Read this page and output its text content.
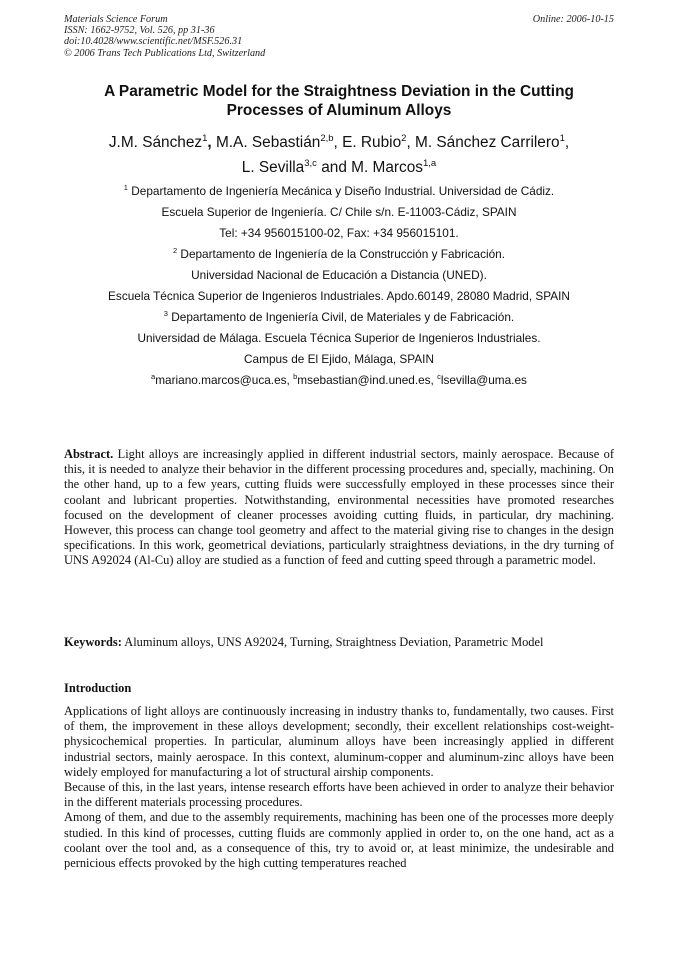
Materials Science Forum
ISSN: 1662-9752, Vol. 526, pp 31-36
doi:10.4028/www.scientific.net/MSF.526.31
© 2006 Trans Tech Publications Ltd, Switzerland
Online: 2006-10-15
A Parametric Model for the Straightness Deviation in the Cutting
Processes of Aluminum Alloys
J.M. Sánchez$^1$, M.A. Sebastián$^{2,b}$, E. Rubio$^2$, M. Sánchez Carrilero$^1$,
L. Sevilla$^{3,c}$ and M. Marcos$^{1,a}$
$^1$ Departamento de Ingeniería Mecánica y Diseño Industrial. Universidad de Cádiz.
Escuela Superior de Ingeniería. C/ Chile s/n. E-11003-Cádiz, SPAIN
Tel: +34 956015100-02, Fax: +34 956015101.
$^2$ Departamento de Ingeniería de la Construcción y Fabricación.
Universidad Nacional de Educación a Distancia (UNED).
Escuela Técnica Superior de Ingenieros Industriales. Apdo.60149, 28080 Madrid, SPAIN
$^3$ Departamento de Ingeniería Civil, de Materiales y de Fabricación.
Universidad de Málaga. Escuela Técnica Superior de Ingenieros Industriales.
Campus de El Ejido, Málaga, SPAIN
$^a$mariano.marcos@uca.es, $^b$msebastian@ind.uned.es, $^c$lsevilla@uma.es
Abstract. Light alloys are increasingly applied in different industrial sectors, mainly aerospace. Because of this, it is needed to analyze their behavior in the different processing procedures and, specially, machining. On the other hand, up to a few years, cutting fluids were successfully employed in these processes since their coolant and lubricant properties. Notwithstanding, environmental necessities have promoted researches focused on the development of cleaner processes avoiding cutting fluids, in particular, dry machining. However, this process can change tool geometry and affect to the material giving rise to changes in the design specifications. In this work, geometrical deviations, particularly straightness deviations, in the dry turning of UNS A92024 (Al-Cu) alloy are studied as a function of feed and cutting speed through a parametric model.
Keywords: Aluminum alloys, UNS A92024, Turning, Straightness Deviation, Parametric Model
Introduction

Applications of light alloys are continuously increasing in industry thanks to, fundamentally, two causes. First of them, the improvement in these alloys development; secondly, their excellent relationships cost-weight-physicochemical properties. In particular, aluminum alloys have been increasingly applied in different industrial sectors, mainly aerospace. In this context, aluminum-copper and aluminum-zinc alloys have been widely employed for manufacturing a lot of structural airship components.

Because of this, in the last years, intense research efforts have been achieved in order to analyze their behavior in the different materials processing procedures.

Among of them, and due to the assembly requirements, machining has been one of the processes more deeply studied. In this kind of processes, cutting fluids are commonly applied in order to, on the one hand, act as a coolant over the tool and, as a consequence of this, try to avoid or, at least minimize, the undesirable and pernicious effects provoked by the high cutting temperatures reached
